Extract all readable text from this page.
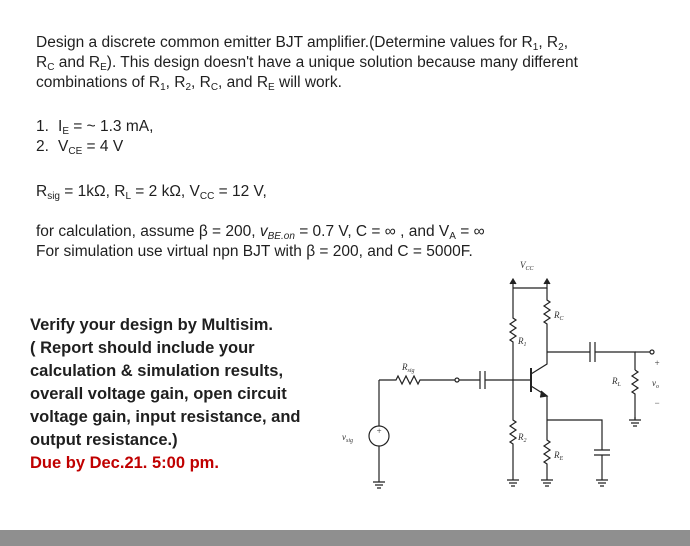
Design a discrete common emitter BJT amplifier.(Determine values for $R_1$, $R_2$,
$R_C$ and $R_E$). This design doesn't have a unique solution because many different
combinations of $R_1$, $R_2$, $R_C$, and $R_E$ will work.
1. $I_E$ = ~ 1.3 mA,
2. $V_{CE} = 4$ V
$R_{sig} = 1k\Omega$, $R_L = 2$ kΩ, $V_{CC} = 12$ V,
for calculation, assume β = 200, $v_{BE.on} = 0.7$ V, C = ∞ , and $V_A$ = ∞
For simulation use virtual npn BJT with β = 200, and C = 5000F.
Verify your design by Multisim.
( Report should include your
calculation & simulation results,
overall voltage gain, open circuit
voltage gain, input resistance, and
output resistance.)
Due by Dec.21. 5:00 pm.
$V_{CC}$
$R_1$
$R_C$
$R_2$
$R_E$
$R_{sig}$
$R_L$
$v_{sig}$
$v_o$
+
+
−
